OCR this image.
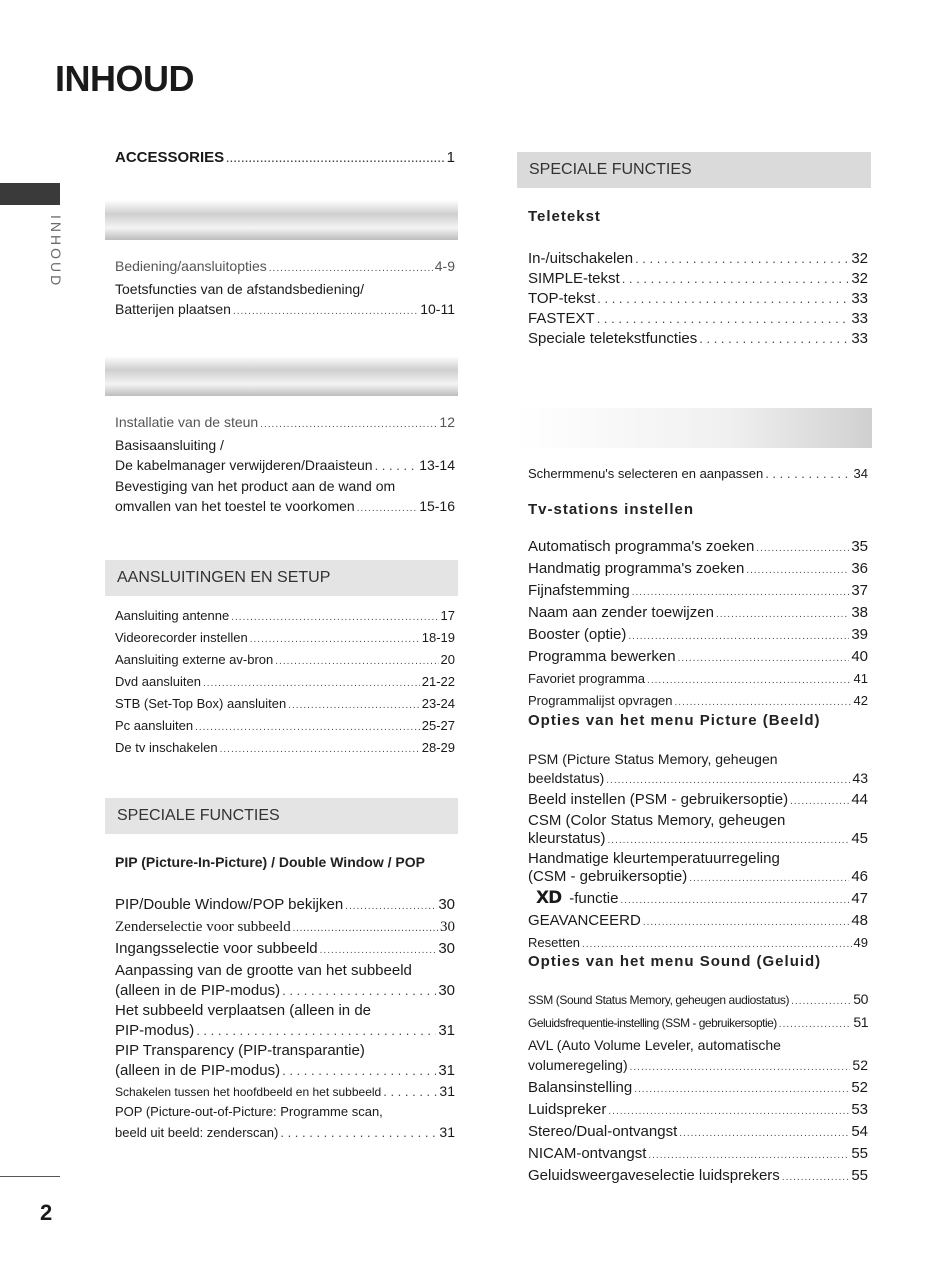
INHOUD
INHOUD
2
ACCESSORIES .....	1
Bediening/aansluitopties .....	4-9
Toetsfuncties van de afstandsbediening/
Batterijen plaatsen .....	10-11
Installatie van de steun .....	12
Basisaansluiting /
De kabelmanager verwijderen/Draaisteun . . .	13-14
Bevestiging van het product aan de wand om
omvallen van het toestel te voorkomen .....	15-16
AANSLUITINGEN EN SETUP
Aansluiting antenne .....	17
Videorecorder instellen .....	18-19
Aansluiting externe av-bron .....	20
Dvd aansluiten .....	21-22
STB (Set-Top Box) aansluiten .....	23-24
Pc aansluiten .....	25-27
De tv inschakelen .....	28-29
SPECIALE FUNCTIES
PIP (Picture-In-Picture) / Double Window / POP
PIP/Double Window/POP bekijken .....	30
Zenderselectie voor subbeeld .....	30
Ingangsselectie voor subbeeld .....	30
Aanpassing van de grootte van het subbeeld
(alleen in de PIP-modus) . . .	30
Het subbeeld verplaatsen (alleen in de
PIP-modus) . . .	31
PIP Transparency (PIP-transparantie)
(alleen in de PIP-modus) . . .	31
Schakelen tussen het hoofdbeeld en het subbeeld . . .	31
POP (Picture-out-of-Picture: Programme scan,
beeld uit beeld: zenderscan) . . .	31
SPECIALE FUNCTIES
Teletekst
In-/uitschakelen . . .	32
SIMPLE-tekst . . .	32
TOP-tekst . . .	33
FASTEXT . . .	33
Speciale teletekstfuncties . . .	33
Schermmenu's selecteren en aanpassen . . .	34
Tv-stations instellen
Automatisch programma's zoeken .....	35
Handmatig programma's zoeken .....	36
Fijnafstemming .....	37
Naam aan zender toewijzen .....	38
Booster (optie) .....	39
Programma bewerken .....	40
Favoriet programma .....	41
Programmalijst opvragen .....	42
Opties van het menu Picture (Beeld)
PSM (Picture Status Memory, geheugen
beeldstatus) .....	43
Beeld instellen (PSM - gebruikersoptie) .....	44
CSM (Color Status Memory, geheugen
kleurstatus) .....	45
Handmatige kleurtemperatuurregeling
(CSM - gebruikersoptie) .....	46
XD -functie .....	47
GEAVANCEERD .....	48
Resetten .....	49
Opties van het menu Sound (Geluid)
SSM (Sound Status Memory, geheugen audiostatus) .....	50
Geluidsfrequentie-instelling (SSM - gebruikersoptie) .....	51
AVL (Auto Volume Leveler, automatische
volumeregeling) .....	52
Balansinstelling .....	52
Luidspreker .....	53
Stereo/Dual-ontvangst .....	54
NICAM-ontvangst .....	55
Geluidsweergaveselectie luidsprekers .....	55
